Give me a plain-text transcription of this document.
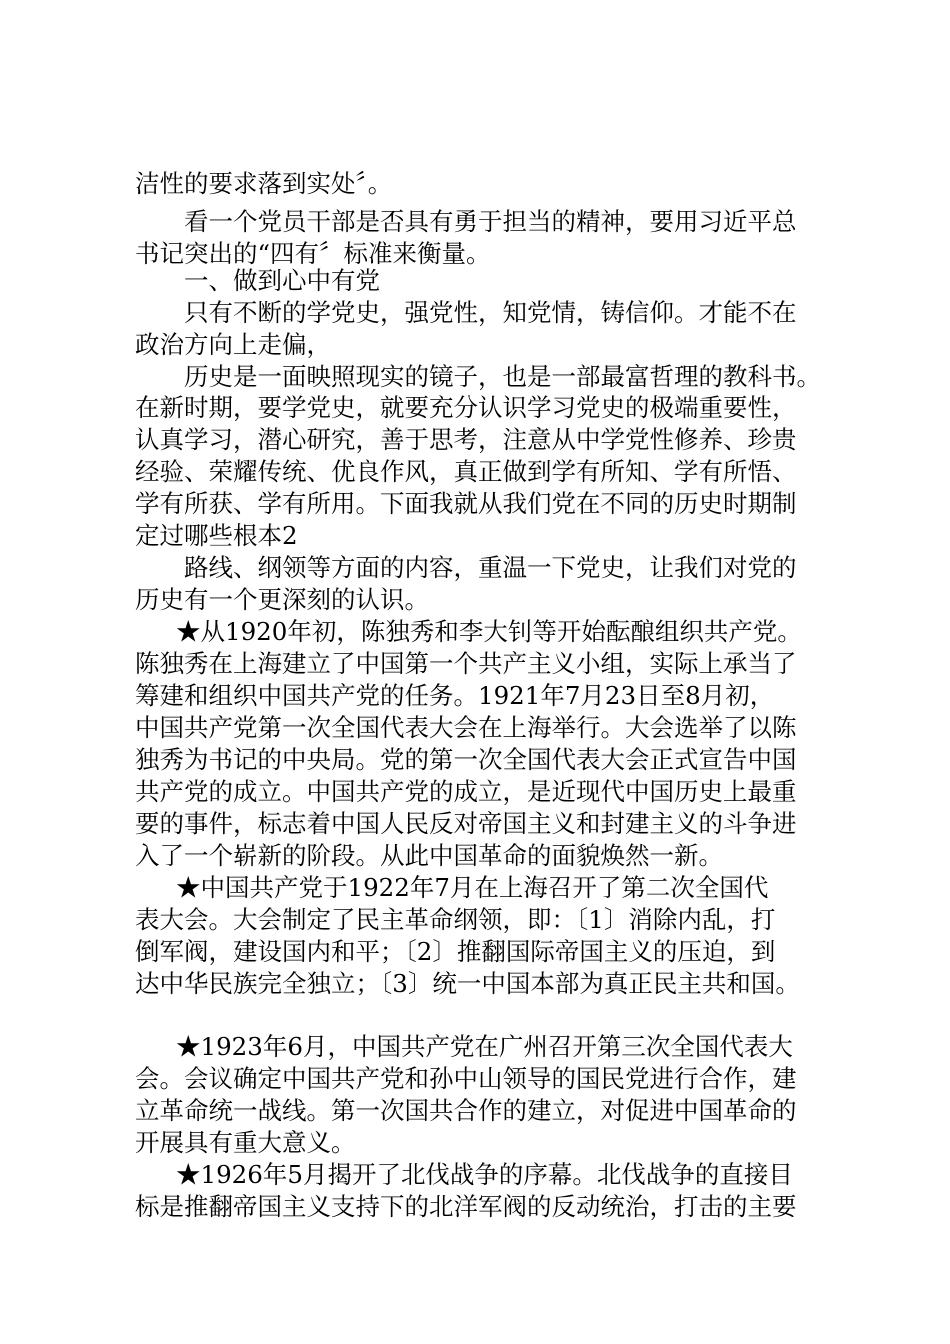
洁性的要求落到实处〞。

看一个党员干部是否具有勇于担当的精神，要用习近平总

书记突出的“四有〞标准来衡量。

一、做到心中有党

只有不断的学党史，强党性，知党情，铸信仰。才能不在

政治方向上走偏，

历史是一面映照现实的镜子，也是一部最富哲理的教科书。

在新时期，要学党史，就要充分认识学习党史的极端重要性，

认真学习，潜心研究，善于思考，注意从中学党性修养、珍贵

经验、荣耀传统、优良作风，真正做到学有所知、学有所悟、

学有所获、学有所用。下面我就从我们党在不同的历史时期制

定过哪些根本2

路线、纲领等方面的内容，重温一下党史，让我们对党的

历史有一个更深刻的认识。

★从1920年初，陈独秀和李大钊等开始酝酿组织共产党。

陈独秀在上海建立了中国第一个共产主义小组，实际上承当了

筹建和组织中国共产党的任务。1921年7月23日至8月初，

中国共产党第一次全国代表大会在上海举行。大会选举了以陈

独秀为书记的中央局。党的第一次全国代表大会正式宣告中国

共产党的成立。中国共产党的成立，是近现代中国历史上最重

要的事件，标志着中国人民反对帝国主义和封建主义的斗争进

入了一个崭新的阶段。从此中国革命的面貌焕然一新。

★中国共产党于1922年7月在上海召开了第二次全国代

表大会。大会制定了民主革命纲领，即：〔1〕消除内乱，打

倒军阀，建设国内和平；〔2〕推翻国际帝国主义的压迫，到

达中华民族完全独立；〔3〕统一中国本部为真正民主共和国。

★1923年6月，中国共产党在广州召开第三次全国代表大

会。会议确定中国共产党和孙中山领导的国民党进行合作，建

立革命统一战线。第一次国共合作的建立，对促进中国革命的

开展具有重大意义。

★1926年5月揭开了北伐战争的序幕。北伐战争的直接目

标是推翻帝国主义支持下的北洋军阀的反动统治，打击的主要
